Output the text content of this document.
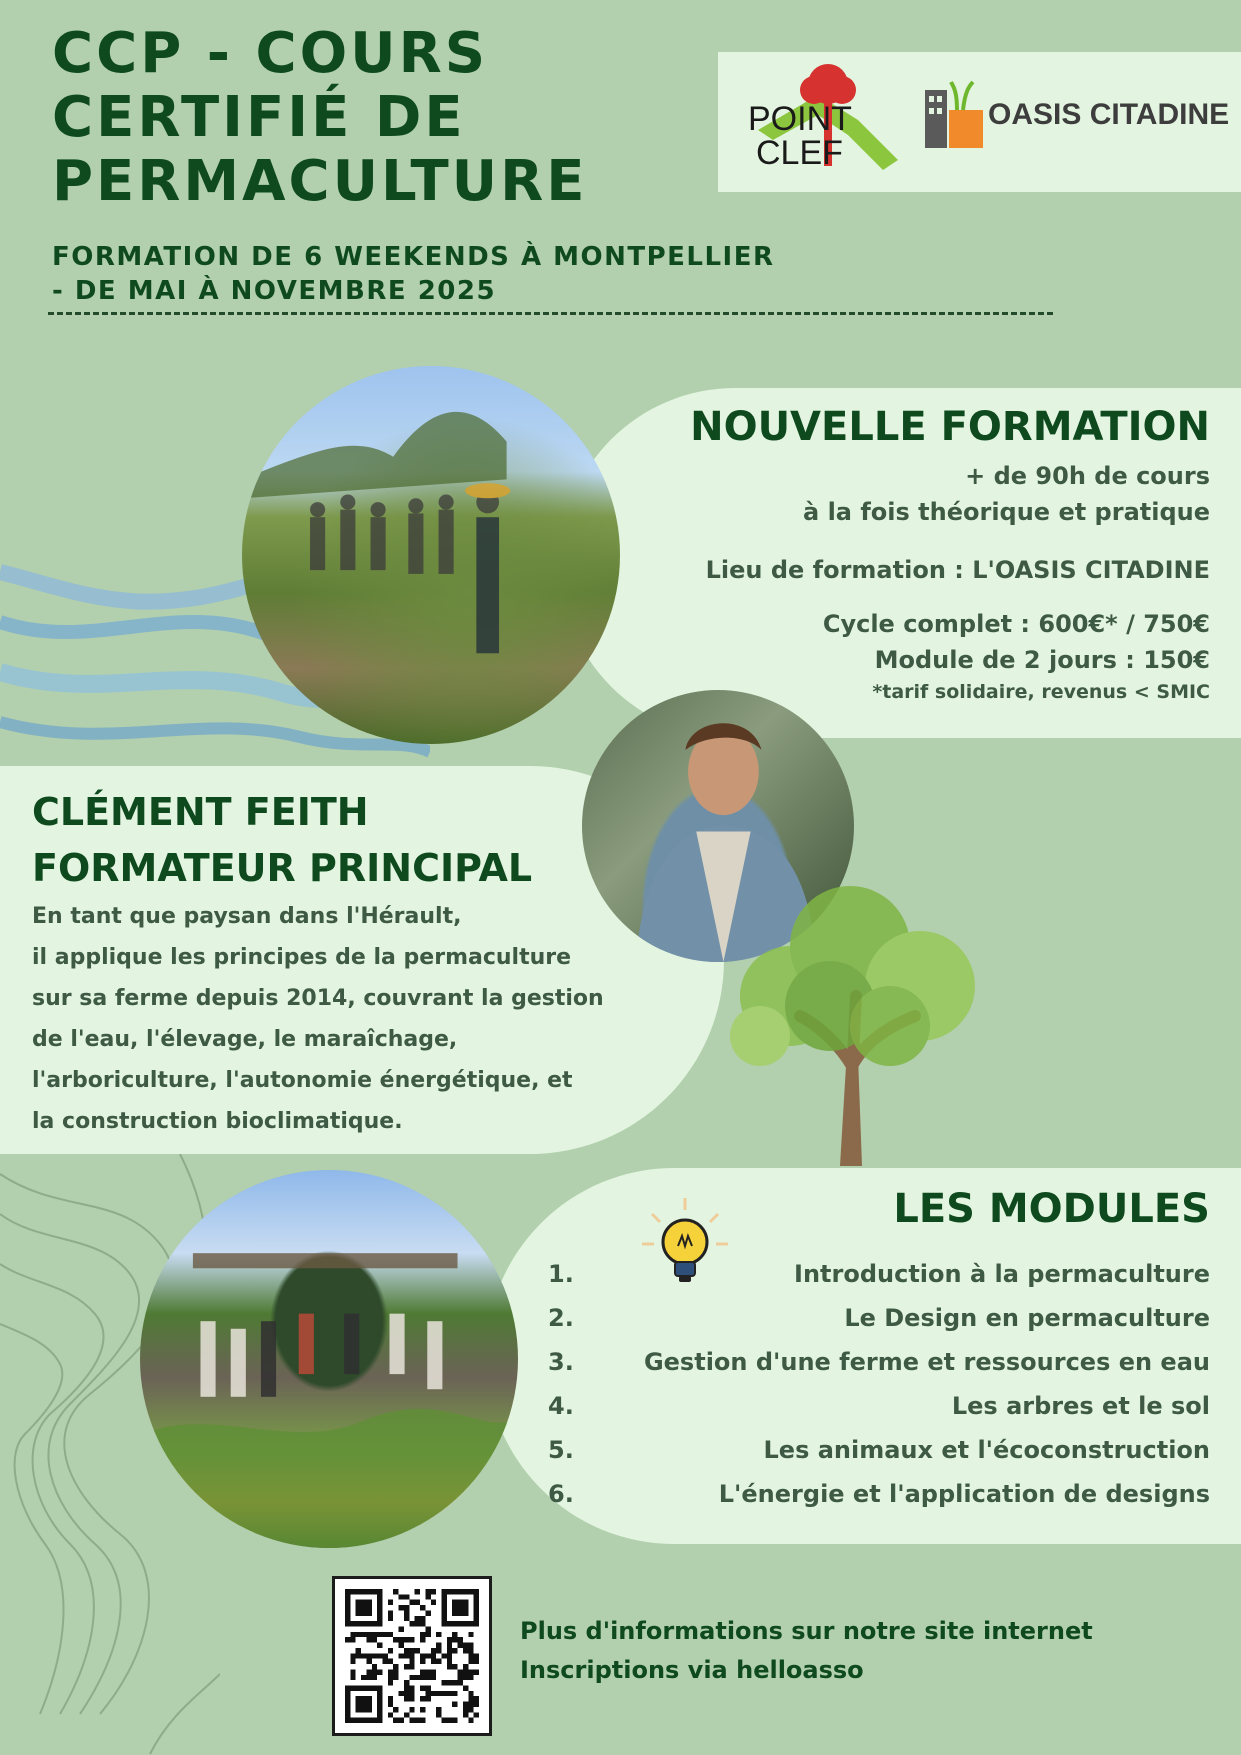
CCP - COURS
CERTIFIÉ DE
PERMACULTURE
FORMATION DE 6 WEEKENDS À MONTPELLIER
- DE MAI À NOVEMBRE 2025
POINT
CLEF
OASIS CITADINE
NOUVELLE FORMATION
+ de 90h de cours
à la fois théorique et pratique
Lieu de formation : L'OASIS CITADINE
Cycle complet : 600€* / 750€
Module de 2 jours : 150€
*tarif solidaire, revenus < SMIC
CLÉMENT FEITH
FORMATEUR PRINCIPAL
En tant que paysan dans l'Hérault,
il applique les principes de la permaculture
sur sa ferme depuis 2014, couvrant la gestion
de l'eau, l'élevage, le maraîchage,
l'arboriculture, l'autonomie énergétique, et
la construction bioclimatique.
LES MODULES
1.
2.
3.
4.
5.
6.
Introduction à la permaculture
Le Design en permaculture
Gestion d'une ferme et ressources en eau
Les arbres et le sol
Les animaux et l'écoconstruction
L'énergie et l'application de designs
Plus d'informations sur notre site internet
Inscriptions via helloasso
